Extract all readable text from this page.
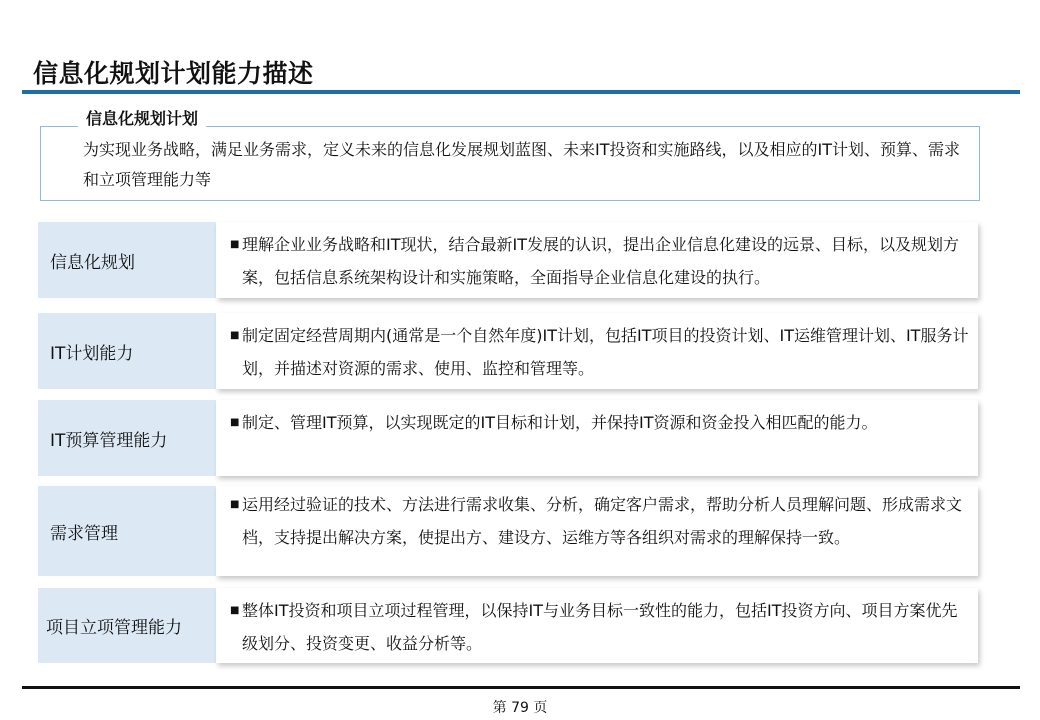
信息化规划计划能力描述
为实现业务战略，满足业务需求，定义未来的信息化发展规划蓝图、未来IT投资和实施路线，以及相应的IT计划、预算、需求和立项管理能力等
信息化规划计划
信息化规划
■ 理解企业业务战略和IT现状，结合最新IT发展的认识，提出企业信息化建设的远景、目标，以及规划方案，包括信息系统架构设计和实施策略，全面指导企业信息化建设的执行。
IT计划能力
■ 制定固定经营周期内(通常是一个自然年度)IT计划，包括IT项目的投资计划、IT运维管理计划、IT服务计划，并描述对资源的需求、使用、监控和管理等。
IT预算管理能力
■ 制定、管理IT预算，以实现既定的IT目标和计划，并保持IT资源和资金投入相匹配的能力。
需求管理
■ 运用经过验证的技术、方法进行需求收集、分析，确定客户需求，帮助分析人员理解问题、形成需求文档，支持提出解决方案，使提出方、建设方、运维方等各组织对需求的理解保持一致。
项目立项管理能力
■ 整体IT投资和项目立项过程管理，以保持IT与业务目标一致性的能力，包括IT投资方向、项目方案优先级划分、投资变更、收益分析等。
第 79 页
